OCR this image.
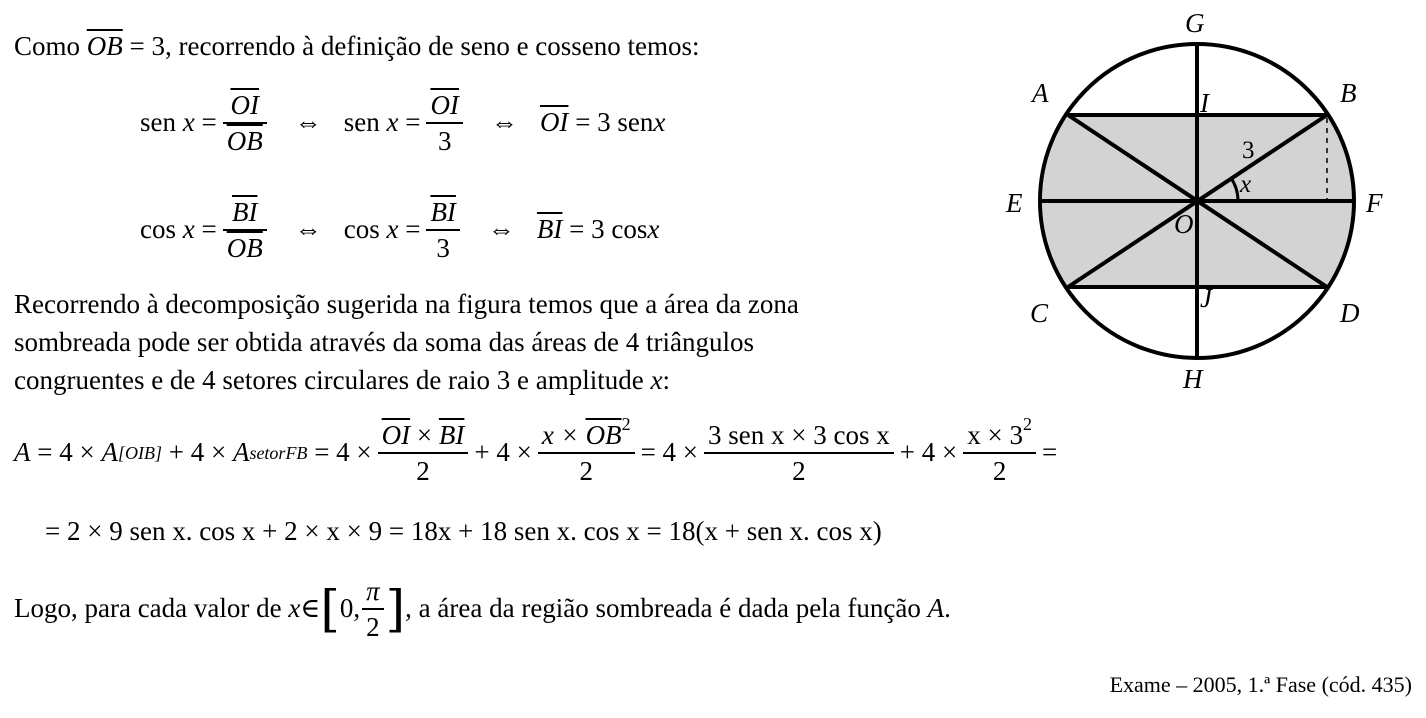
Como $\overline{OB} = 3$, recorrendo à definição de seno e cosseno temos:
sen
x
= $\frac{\overline{OI}}{OB}$ ⇔ sen
x
= $\frac{\overline{OI}}{3}$ ⇔ $\overline{OI}$
= 3 sen x
cos
x
= $\frac{\overline{BI}}{OB}$ ⇔ cos
x
= $\frac{\overline{BI}}{3}$ ⇔ $\overline{BI}$
= 3 cos x
Recorrendo à decomposição sugerida na figura temos que a área da zona
sombreada pode ser obtida através da soma das áreas de 4 triângulos
congruentes e de 4 setores circulares de raio 3 e amplitude x:
A
=
4 ×
A [OIB]
+ 4 ×
A setorFB
= $4 \times \frac{\overline{OI} \times \overline{BI}}{2} + 4 \times \frac{x \times \overline{OB}^2}{2} = 4 \times \frac{\text{3 sen x × 3 cos x}}{2} + 4 \times \frac{x \times 3^2}{2}$ =
= 2 × 9 sen x. cos x + 2 × x × 9 = 18x + 18 sen x. cos x = 18(x + sen x. cos x)
Logo, para cada valor de
x ∈ [ 0, $\frac{\pi}{2}$ ] , a área da região sombreada é dada pela função
A .
G
A	B
I
E	F
O
C	D
J
H
3
x
Exame – 2005, 1.ª Fase (cód. 435)
